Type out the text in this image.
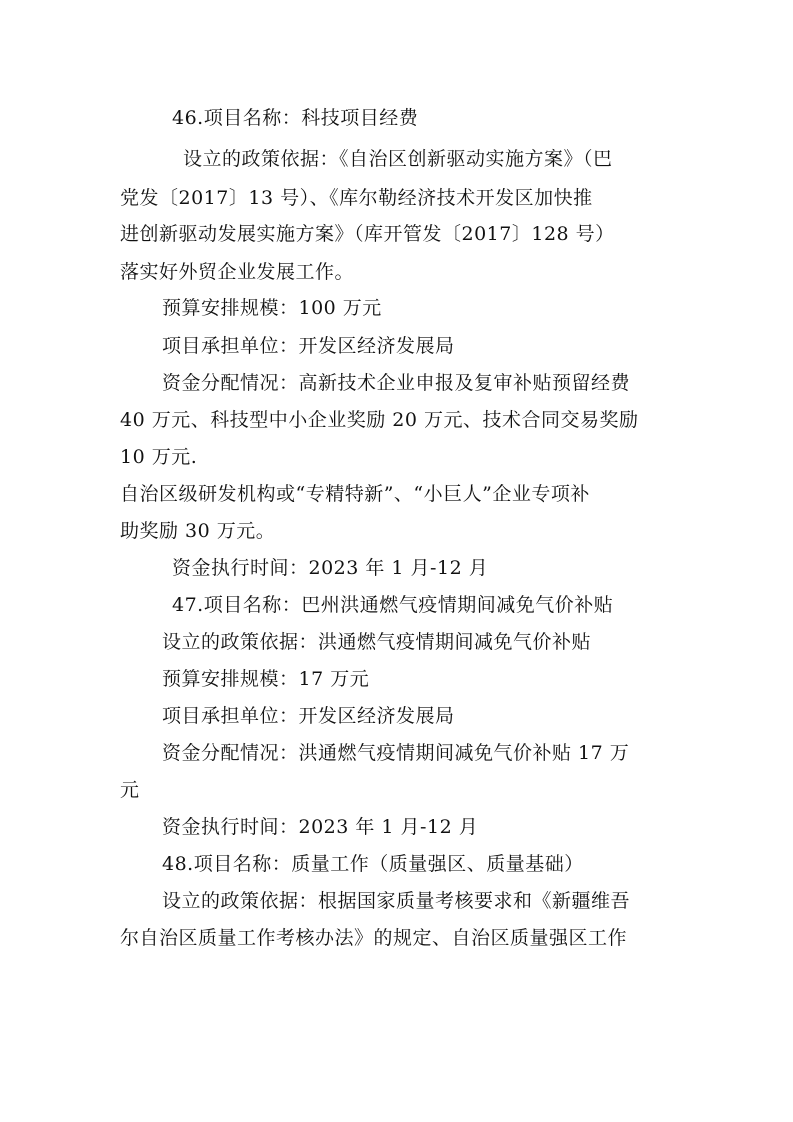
46.项目名称：科技项目经费
设立的政策依据：《自治区创新驱动实施方案》（巴
党发〔2017〕13 号）、《库尔勒经济技术开发区加快推
进创新驱动发展实施方案》（库开管发〔2017〕128 号）
落实好外贸企业发展工作。
预算安排规模：100 万元
项目承担单位：开发区经济发展局
资金分配情况：高新技术企业申报及复审补贴预留经费
40 万元、科技型中小企业奖励 20 万元、技术合同交易奖励
10 万元.
自治区级研发机构或“专精特新”、“小巨人”企业专项补
助奖励 30 万元。
资金执行时间：2023 年 1 月-12 月
47.项目名称：巴州洪通燃气疫情期间减免气价补贴
设立的政策依据：洪通燃气疫情期间减免气价补贴
预算安排规模：17 万元
项目承担单位：开发区经济发展局
资金分配情况：洪通燃气疫情期间减免气价补贴 17 万
元
资金执行时间：2023 年 1 月-12 月
48.项目名称：质量工作（质量强区、质量基础）
设立的政策依据：根据国家质量考核要求和《新疆维吾
尔自治区质量工作考核办法》的规定、自治区质量强区工作
